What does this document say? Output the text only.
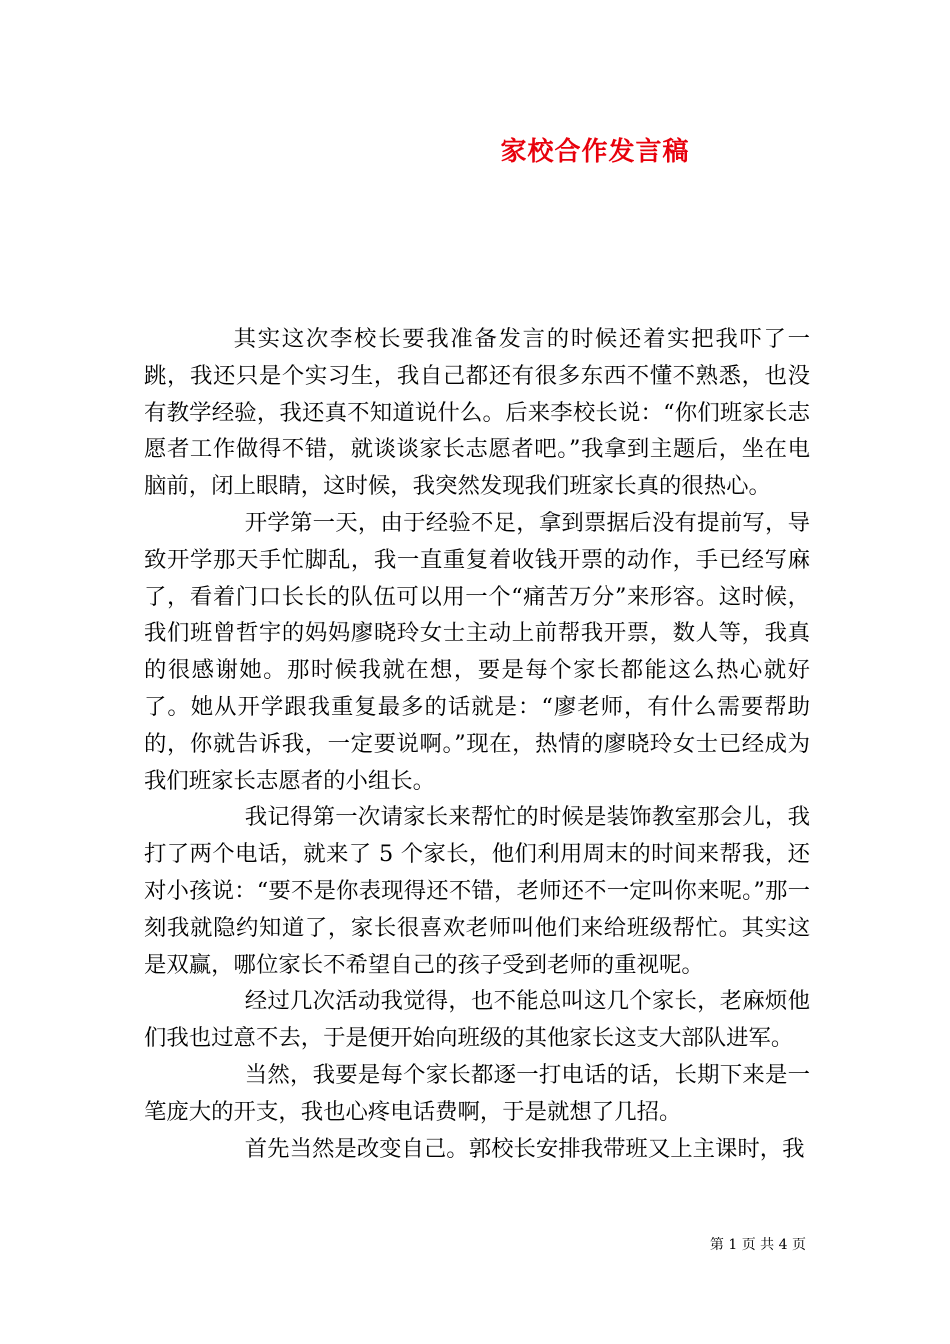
家校合作发言稿

其实这次李校长要我准备发言的时候还着实把我吓了一跳，我还只是个实习生，我自己都还有很多东西不懂不熟悉，也没有教学经验，我还真不知道说什么。后来李校长说：“你们班家长志愿者工作做得不错，就谈谈家长志愿者吧。”我拿到主题后，坐在电脑前，闭上眼睛，这时候，我突然发现我们班家长真的很热心。

开学第一天，由于经验不足，拿到票据后没有提前写，导致开学那天手忙脚乱，我一直重复着收钱开票的动作，手已经写麻了，看着门口长长的队伍可以用一个“痛苦万分”来形容。这时候，我们班曾哲宇的妈妈廖晓玲女士主动上前帮我开票，数人等，我真的很感谢她。那时候我就在想，要是每个家长都能这么热心就好了。她从开学跟我重复最多的话就是：“廖老师，有什么需要帮助的，你就告诉我，一定要说啊。”现在，热情的廖晓玲女士已经成为我们班家长志愿者的小组长。

我记得第一次请家长来帮忙的时候是装饰教室那会儿，我打了两个电话，就来了 5 个家长，他们利用周末的时间来帮我，还对小孩说：“要不是你表现得还不错，老师还不一定叫你来呢。”那一刻我就隐约知道了，家长很喜欢老师叫他们来给班级帮忙。其实这是双赢，哪位家长不希望自己的孩子受到老师的重视呢。

经过几次活动我觉得，也不能总叫这几个家长，老麻烦他们我也过意不去，于是便开始向班级的其他家长这支大部队进军。

当然，我要是每个家长都逐一打电话的话，长期下来是一笔庞大的开支，我也心疼电话费啊，于是就想了几招。

首先当然是改变自己。郭校长安排我带班又上主课时，我

第 1 页 共 4 页
